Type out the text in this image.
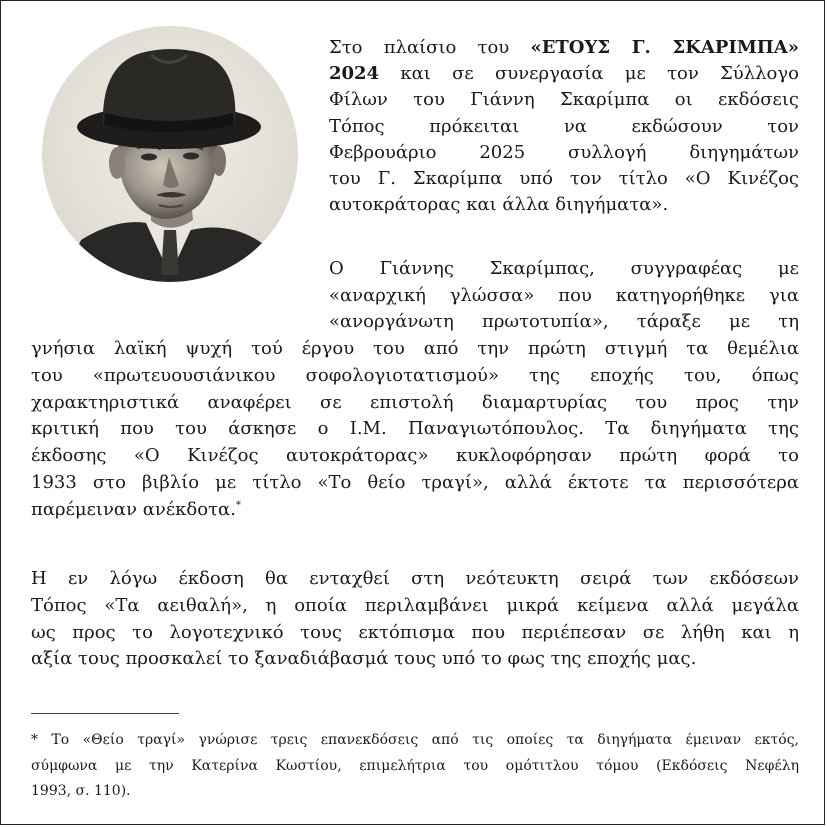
Στο πλαίσιο του «ΕΤΟΥΣ Γ. ΣΚΑΡΙΜΠΑ»
2024 και σε συνεργασία με τον Σύλλογο
Φίλων του Γιάννη Σκαρίμπα οι εκδόσεις
Τόπος πρόκειται να εκδώσουν τον
Φεβρουάριο 2025 συλλογή διηγημάτων
του Γ. Σκαρίμπα υπό τον τίτλο «Ο Κινέζος
αυτοκράτορας και άλλα διηγήματα».

Ο Γιάννης Σκαρίμπας, συγγραφέας με
«αναρχική γλώσσα» που κατηγορήθηκε για
«ανοργάνωτη πρωτοτυπία», τάραξε με τη

γνήσια λαϊκή ψυχή τού έργου του από την πρώτη στιγμή τα θεμέλια
του «πρωτευουσιάνικου σοφολογιοτατισμού» της εποχής του, όπως
χαρακτηριστικά αναφέρει σε επιστολή διαμαρτυρίας του προς την
κριτική που του άσκησε ο Ι.Μ. Παναγιωτόπουλος. Τα διηγήματα της
έκδοσης «Ο Κινέζος αυτοκράτορας» κυκλοφόρησαν πρώτη φορά το
1933 στο βιβλίο με τίτλο «Το θείο τραγί», αλλά έκτοτε τα περισσότερα
παρέμειναν ανέκδοτα.*

Η εν λόγω έκδοση θα ενταχθεί στη νεότευκτη σειρά των εκδόσεων
Τόπος «Τα αειθαλή», η οποία περιλαμβάνει μικρά κείμενα αλλά μεγάλα
ως προς το λογοτεχνικό τους εκτόπισμα που περιέπεσαν σε λήθη και η
αξία τους προσκαλεί το ξαναδιάβασμά τους υπό το φως της εποχής μας.

* Το «Θείο τραγί» γνώρισε τρεις επανεκδόσεις από τις οποίες τα διηγήματα έμειναν εκτός,
σύμφωνα με την Κατερίνα Κωστίου, επιμελήτρια του ομότιτλου τόμου (Εκδόσεις Νεφέλη
1993, σ. 110).
